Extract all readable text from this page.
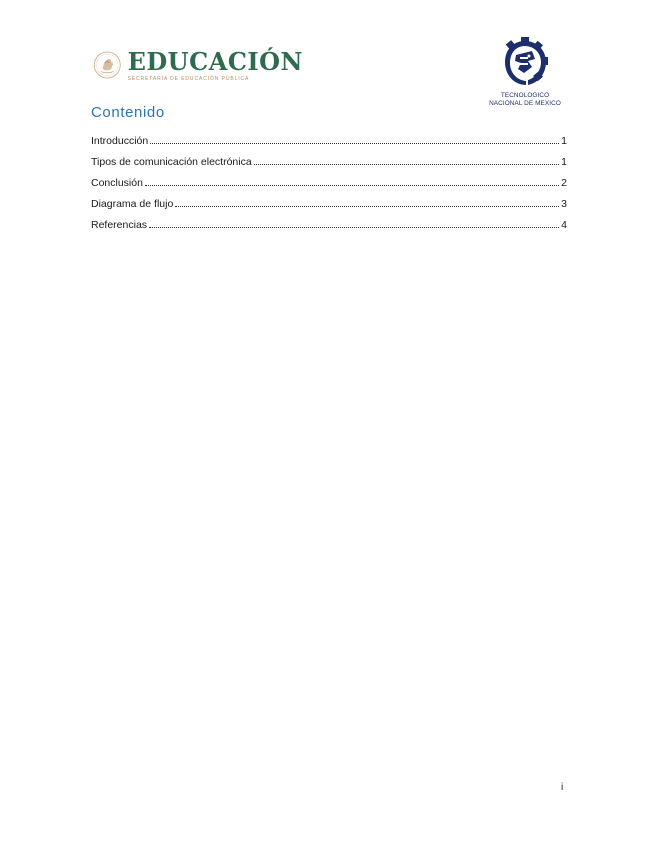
EDUCACIÓN
SECRETARÍA DE EDUCACIÓN PÚBLICA
TECNOLOGICO
NACIONAL DE MEXICO
Contenido
Introducción	1
Tipos de comunicación electrónica	1
Conclusión	2
Diagrama de flujo	3
Referencias	4
i
